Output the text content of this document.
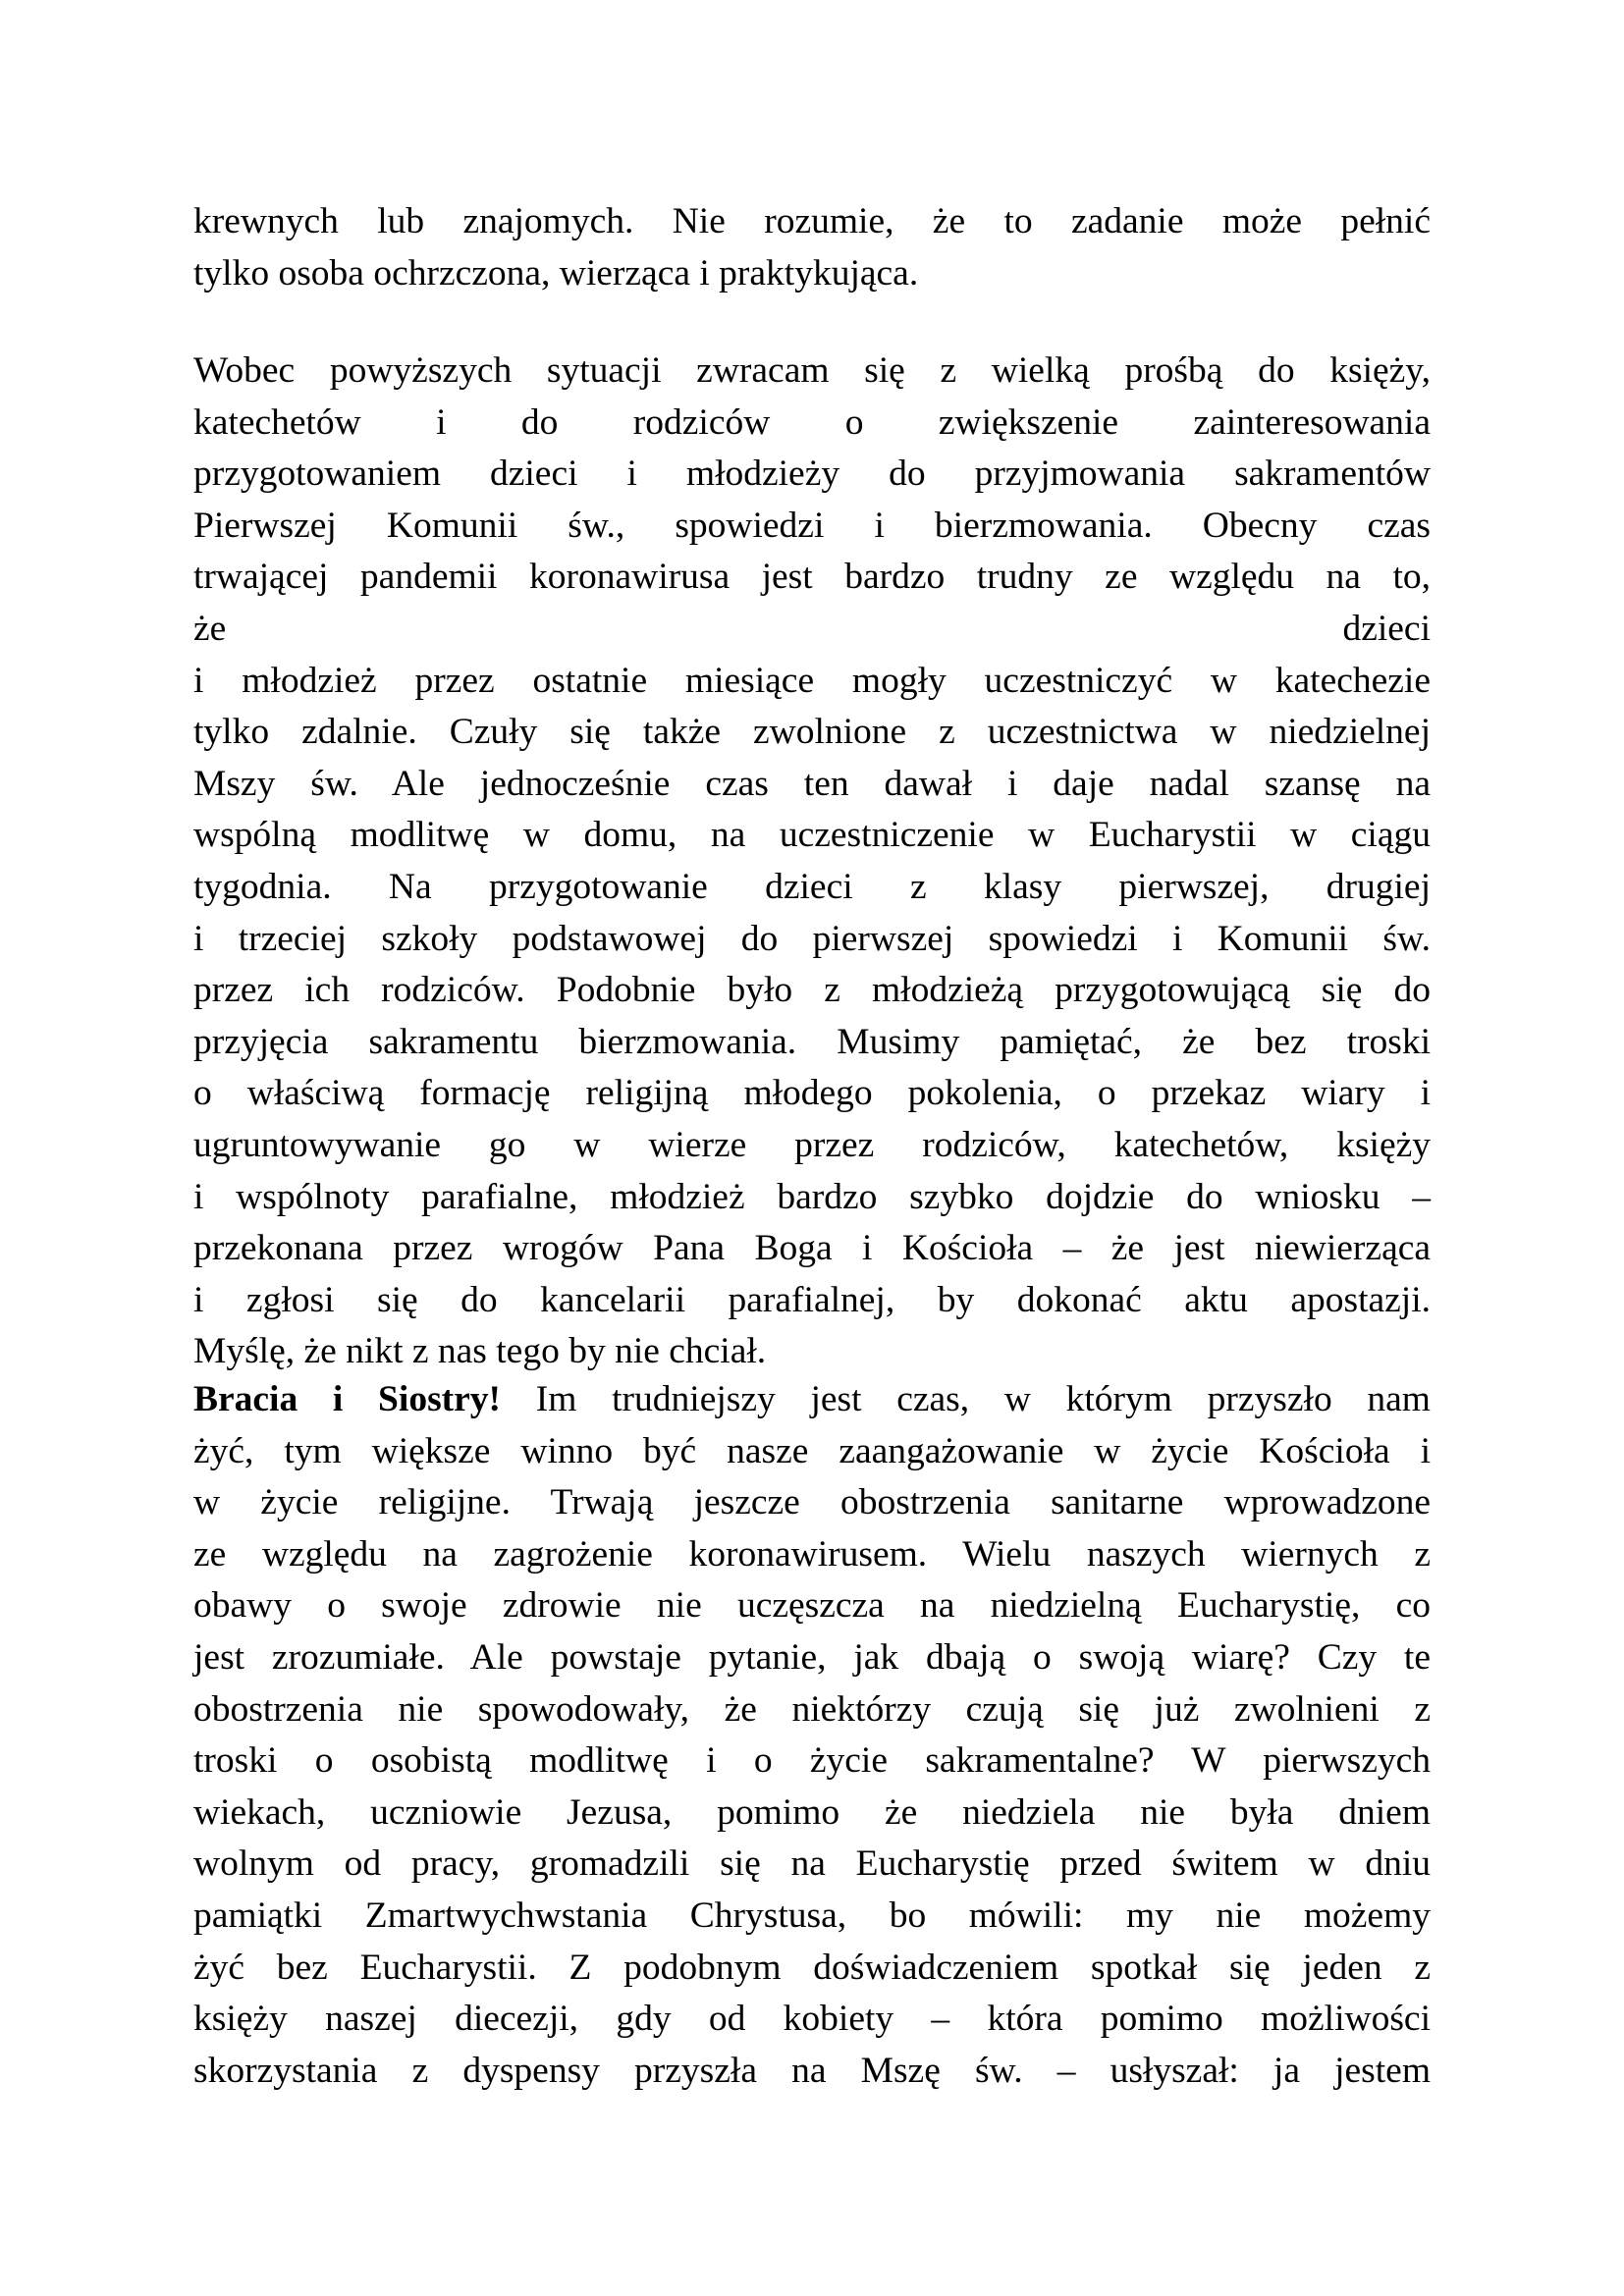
krewnych lub znajomych. Nie rozumie, że to zadanie może pełnić
tylko osoba ochrzczona, wierząca i praktykująca.
Wobec powyższych sytuacji zwracam się z wielką prośbą do księży,
katechetów i do rodziców o zwiększenie zainteresowania
przygotowaniem dzieci i młodzieży do przyjmowania sakramentów
Pierwszej Komunii św., spowiedzi i bierzmowania. Obecny czas
trwającej pandemii koronawirusa jest bardzo trudny ze względu na to,
że dzieci
i młodzież przez ostatnie miesiące mogły uczestniczyć w katechezie
tylko zdalnie. Czuły się także zwolnione z uczestnictwa w niedzielnej
Mszy św. Ale jednocześnie czas ten dawał i daje nadal szansę na
wspólną modlitwę w domu, na uczestniczenie w Eucharystii w ciągu
tygodnia. Na przygotowanie dzieci z klasy pierwszej, drugiej
i trzeciej szkoły podstawowej do pierwszej spowiedzi i Komunii św.
przez ich rodziców. Podobnie było z młodzieżą przygotowującą się do
przyjęcia sakramentu bierzmowania. Musimy pamiętać, że bez troski
o właściwą formację religijną młodego pokolenia, o przekaz wiary i
ugruntowywanie go w wierze przez rodziców, katechetów, księży
i wspólnoty parafialne, młodzież bardzo szybko dojdzie do wniosku –
przekonana przez wrogów Pana Boga i Kościoła – że jest niewierząca
i zgłosi się do kancelarii parafialnej, by dokonać aktu apostazji.
Myślę, że nikt z nas tego by nie chciał.
Bracia i Siostry! Im trudniejszy jest czas, w którym przyszło nam
żyć, tym większe winno być nasze zaangażowanie w życie Kościoła i
w życie religijne. Trwają jeszcze obostrzenia sanitarne wprowadzone
ze względu na zagrożenie koronawirusem. Wielu naszych wiernych z
obawy o swoje zdrowie nie uczęszcza na niedzielną Eucharystię, co
jest zrozumiałe. Ale powstaje pytanie, jak dbają o swoją wiarę? Czy te
obostrzenia nie spowodowały, że niektórzy czują się już zwolnieni z
troski o osobistą modlitwę i o życie sakramentalne? W pierwszych
wiekach, uczniowie Jezusa, pomimo że niedziela nie była dniem
wolnym od pracy, gromadzili się na Eucharystię przed świtem w dniu
pamiątki Zmartwychwstania Chrystusa, bo mówili: my nie możemy
żyć bez Eucharystii. Z podobnym doświadczeniem spotkał się jeden z
księży naszej diecezji, gdy od kobiety – która pomimo możliwości
skorzystania z dyspensy przyszła na Mszę św. – usłyszał: ja jestem
